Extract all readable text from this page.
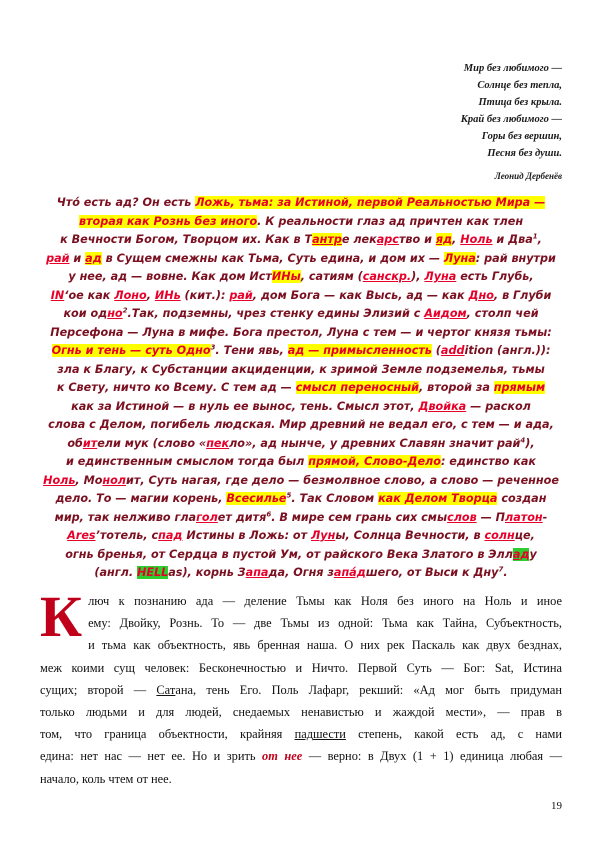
Мир без любимого —
Солнце без тепла,
Птица без крыла.
Край без любимого —
Горы без вершин,
Песня без души.
Леонид Дербенёв
Что́ есть ад? Он есть Ложь, тьма: за Истиной, первой Реальностью Мира —
вторая как Рознь без иного. К реальности глаз ад причтен как тлен
к Вечности Богом, Творцом их. Как в Тантре лекарство и яд, Ноль и Два$^1$,
рай и ад в Сущем смежны как Тьма, Суть едина, и дом их — Луна: рай внутри
у нее, ад — вовне. Как дом ИстИНы, сатиям (санскр.), Луна есть Глубь,
INʻое как Лоно, ИНь (кит.): рай, дом Бога — как Высь, ад — как Дно, в Глуби
кои одно$^2$.Так, подземны, чрез стенку едины Элизий с Аидом, столп чей
Персефона — Луна в мифе. Бога престол, Луна с тем — и чертог князя тьмы:
Огнь и тень — суть Одно$^3$. Тени явь, ад — примысленность (addition (англ.)):
зла к Благу, к Субстанции акциденции, к зримой Земле подземелья, тьмы
к Свету, ничто ко Всему. С тем ад — смысл переносный, второй за прямым
как за Истиной — в нуль ее вынос, тень. Смысл этот, Двойка — раскол
слова с Делом, погибель людская. Мир древний не ведал его, с тем — и ада,
обители мук (слово «пекло», ад нынче, у древних Славян значит рай$^4$),
и единственным смыслом тогда был прямой, Слово-Дело: единство как
Ноль, Монолит, Суть нагая, где дело — безмолвное слово, а слово — реченное
дело. То — магии корень, Всесилье$^5$. Так Словом как Делом Творца создан
мир, так нелживо глаголет дитя$^6$. В мире сем грань сих смыслов — Платон-
Aresʼтотель, спад Истины в Ложь: от Луны, Солнца Вечности, в солнце,
огнь бренья, от Сердца в пустой Ум, от райского Века Златого в Элладу
(англ. HELLas), корнь Запада, Огня запа́дшего, от Выси к Дну$^7$.
К люч к познанию ада — деление Тьмы как Ноля без иного на Ноль и иное
ему: Двойку, Рознь. То — две Тьмы из одной: Тьма как Тайна, Субъектность,
и тьма как объектность, явь бренная наша. О них рек Паскаль как двух безднах,
меж коими сущ человек: Бесконечностью и Ничто. Первой Суть — Бог: Sat, Истина
сущих; второй — Сатана, тень Его. Поль Лафарг, рекший: «Ад мог быть придуман
только людьми и для людей, снедаемых ненавистью и жаждой мести», — прав в
том, что граница объектности, крайняя падшести степень, какой есть ад, с нами
едина: нет нас — нет ее. Но и зрить от нее — верно: в Двух (1 + 1) единица любая —
начало, коль чтем от нее.
19
